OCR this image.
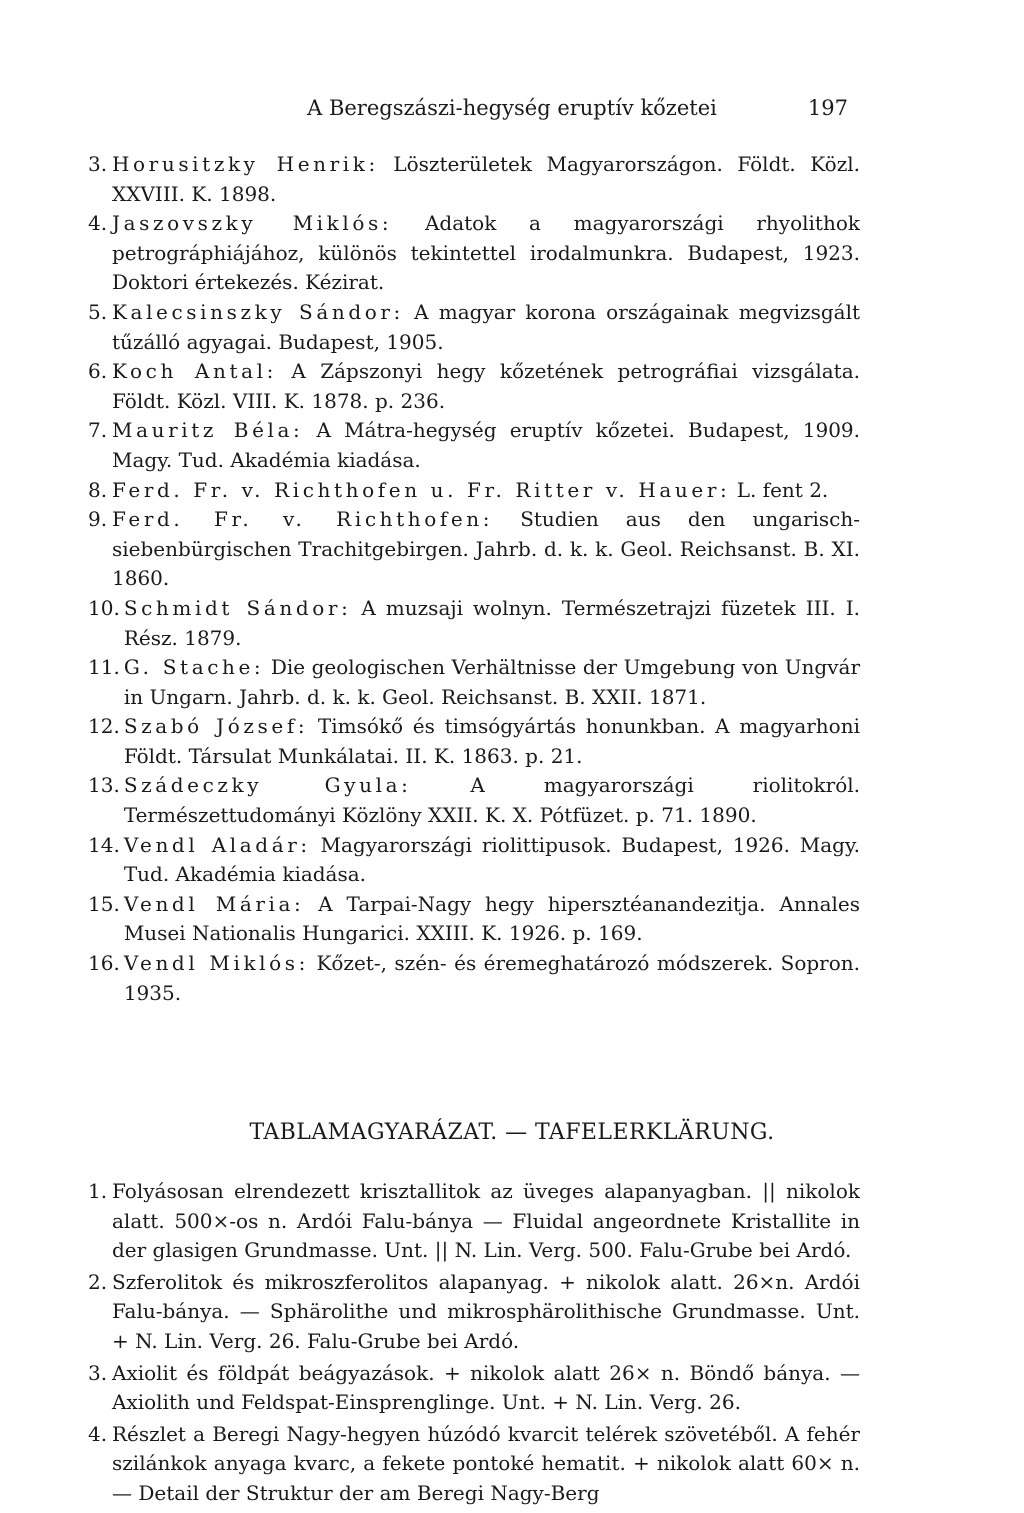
A Beregszászi-hegység eruptív kőzetei	197
3. Horusitzky Henrik: Löszterületek Magyarországon. Földt. Közl. XXVIII. K. 1898.
4. Jaszovszky Miklós: Adatok a magyarországi rhyolithok petrográphiájához, különös tekintettel irodalmunkra. Budapest, 1923. Doktori értekezés. Kézirat.
5. Kalecsinszky Sándor: A magyar korona országainak megvizsgált tűzálló agyagai. Budapest, 1905.
6. Koch Antal: A Zápszonyi hegy kőzetének petrográfiai vizsgálata. Földt. Közl. VIII. K. 1878. p. 236.
7. Mauritz Béla: A Mátra-hegység eruptív kőzetei. Budapest, 1909. Magy. Tud. Akadémia kiadása.
8. Ferd. Fr. v. Richthofen u. Fr. Ritter v. Hauer: L. fent 2.
9. Ferd. Fr. v. Richthofen: Studien aus den ungarisch-siebenbürgischen Trachitgebirgen. Jahrb. d. k. k. Geol. Reichsanst. B. XI. 1860.
10. Schmidt Sándor: A muzsaji wolnyn. Természetrajzi füzetek III. I. Rész. 1879.
11. G. Stache: Die geologischen Verhältnisse der Umgebung von Ungvár in Ungarn. Jahrb. d. k. k. Geol. Reichsanst. B. XXII. 1871.
12. Szabó József: Timsókő és timsógyártás honunkban. A magyarhoni Földt. Társulat Munkálatai. II. K. 1863. p. 21.
13. Szádeczky Gyula:	A magyarországi riolitokról. Természettudományi Közlöny XXII. K. X. Pótfüzet. p. 71. 1890.
14. Vendl Aladár: Magyarországi riolittipusok. Budapest, 1926. Magy. Tud. Akadémia kiadása.
15. Vendl Mária: A Tarpai-Nagy hegy hipersztéanandezitja. Annales Musei Nationalis Hungarici. XXIII. K. 1926. p. 169.
16. Vendl Miklós: Kőzet-, szén- és éremeghatározó módszerek. Sopron. 1935.
TABLAMAGYARÁZAT. — TAFELERKLÄRUNG.
1. Folyásosan elrendezett krisztallitok az üveges alapanyagban. || nikolok alatt. 500×-os n. Ardói Falu-bánya — Fluidal angeordnete Kristallite in der glasigen Grundmasse. Unt. || N. Lin. Verg. 500. Falu-Grube bei Ardó.
2. Szferolitok és mikroszferolitos alapanyag. + nikolok alatt. 26×n. Ardói Falu-bánya. — Sphärolithe und mikrosphärolithische Grundmasse. Unt. + N. Lin. Verg. 26. Falu-Grube bei Ardó.
3. Axiolit és földpát beágyazások. + nikolok alatt 26× n. Böndő bánya. — Axiolith und Feldspat-Einsprenglinge. Unt. + N. Lin. Verg. 26.
4. Részlet a Beregi Nagy-hegyen húzódó kvarcit telérek szövetéből. A fehér szilánkok anyaga kvarc, a fekete pontoké hematit. + nikolok alatt 60× n. — Detail der Struktur der am Beregi Nagy-Berg
